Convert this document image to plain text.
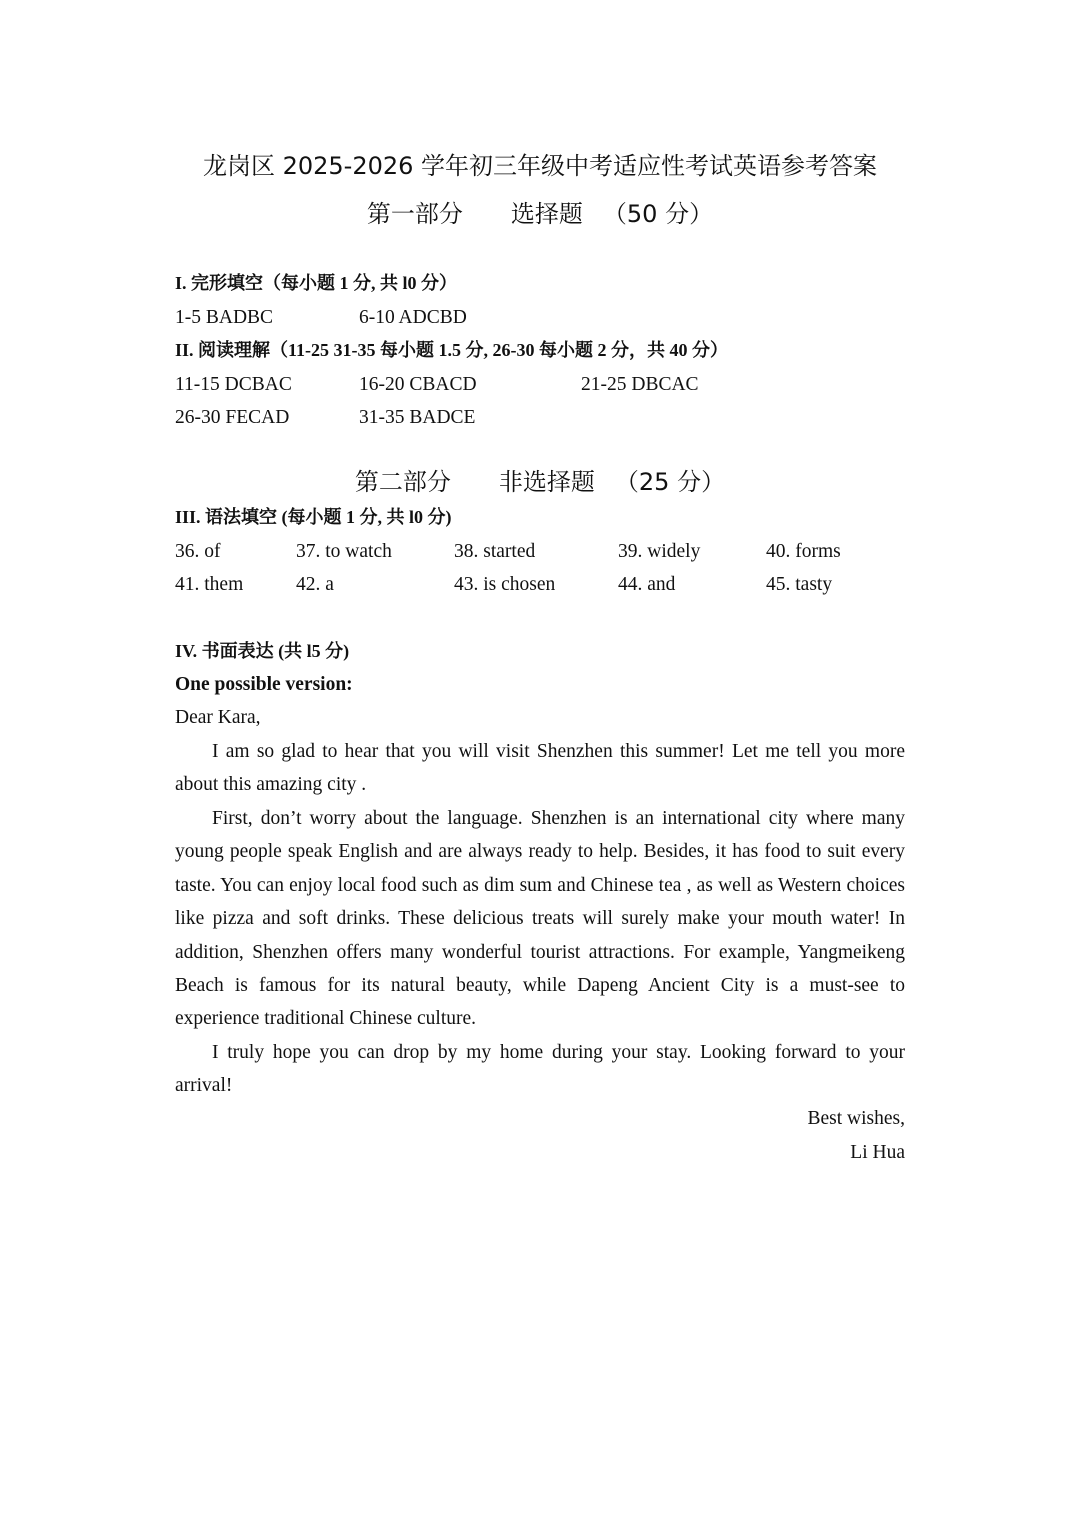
龙岗区 2025-2026 学年初三年级中考适应性考试英语参考答案
第一部分 选择题 （50 分）
I. 完形填空（每小题 1 分, 共 l0 分）
1-5 BADBC	6-10 ADCBD
II. 阅读理解（11-25 31-35 每小题 1.5 分, 26-30 每小题 2 分，共 40 分）
11-15 DCBAC	16-20 CBACD	21-25 DBCAC
26-30 FECAD	31-35 BADCE
第二部分 非选择题 （25 分）
III. 语法填空 (每小题 1 分, 共 l0 分)
36. of	37. to watch	38. started	39. widely	40. forms
41. them	42. a	43. is chosen	44. and	45. tasty
IV. 书面表达 (共 l5 分)
One possible version:
Dear Kara,

I am so glad to hear that you will visit Shenzhen this summer! Let me tell you more about this amazing city .

First, don’t worry about the language. Shenzhen is an international city where many young people speak English and are always ready to help. Besides, it has food to suit every taste. You can enjoy local food such as dim sum and Chinese tea , as well as Western choices like pizza and soft drinks. These delicious treats will surely make your mouth water! In addition, Shenzhen offers many wonderful tourist attractions. For example, Yangmeikeng Beach is famous for its natural beauty, while Dapeng Ancient City is a must-see to experience traditional Chinese culture.

I truly hope you can drop by my home during your stay. Looking forward to your arrival!

Best wishes,
Li Hua
